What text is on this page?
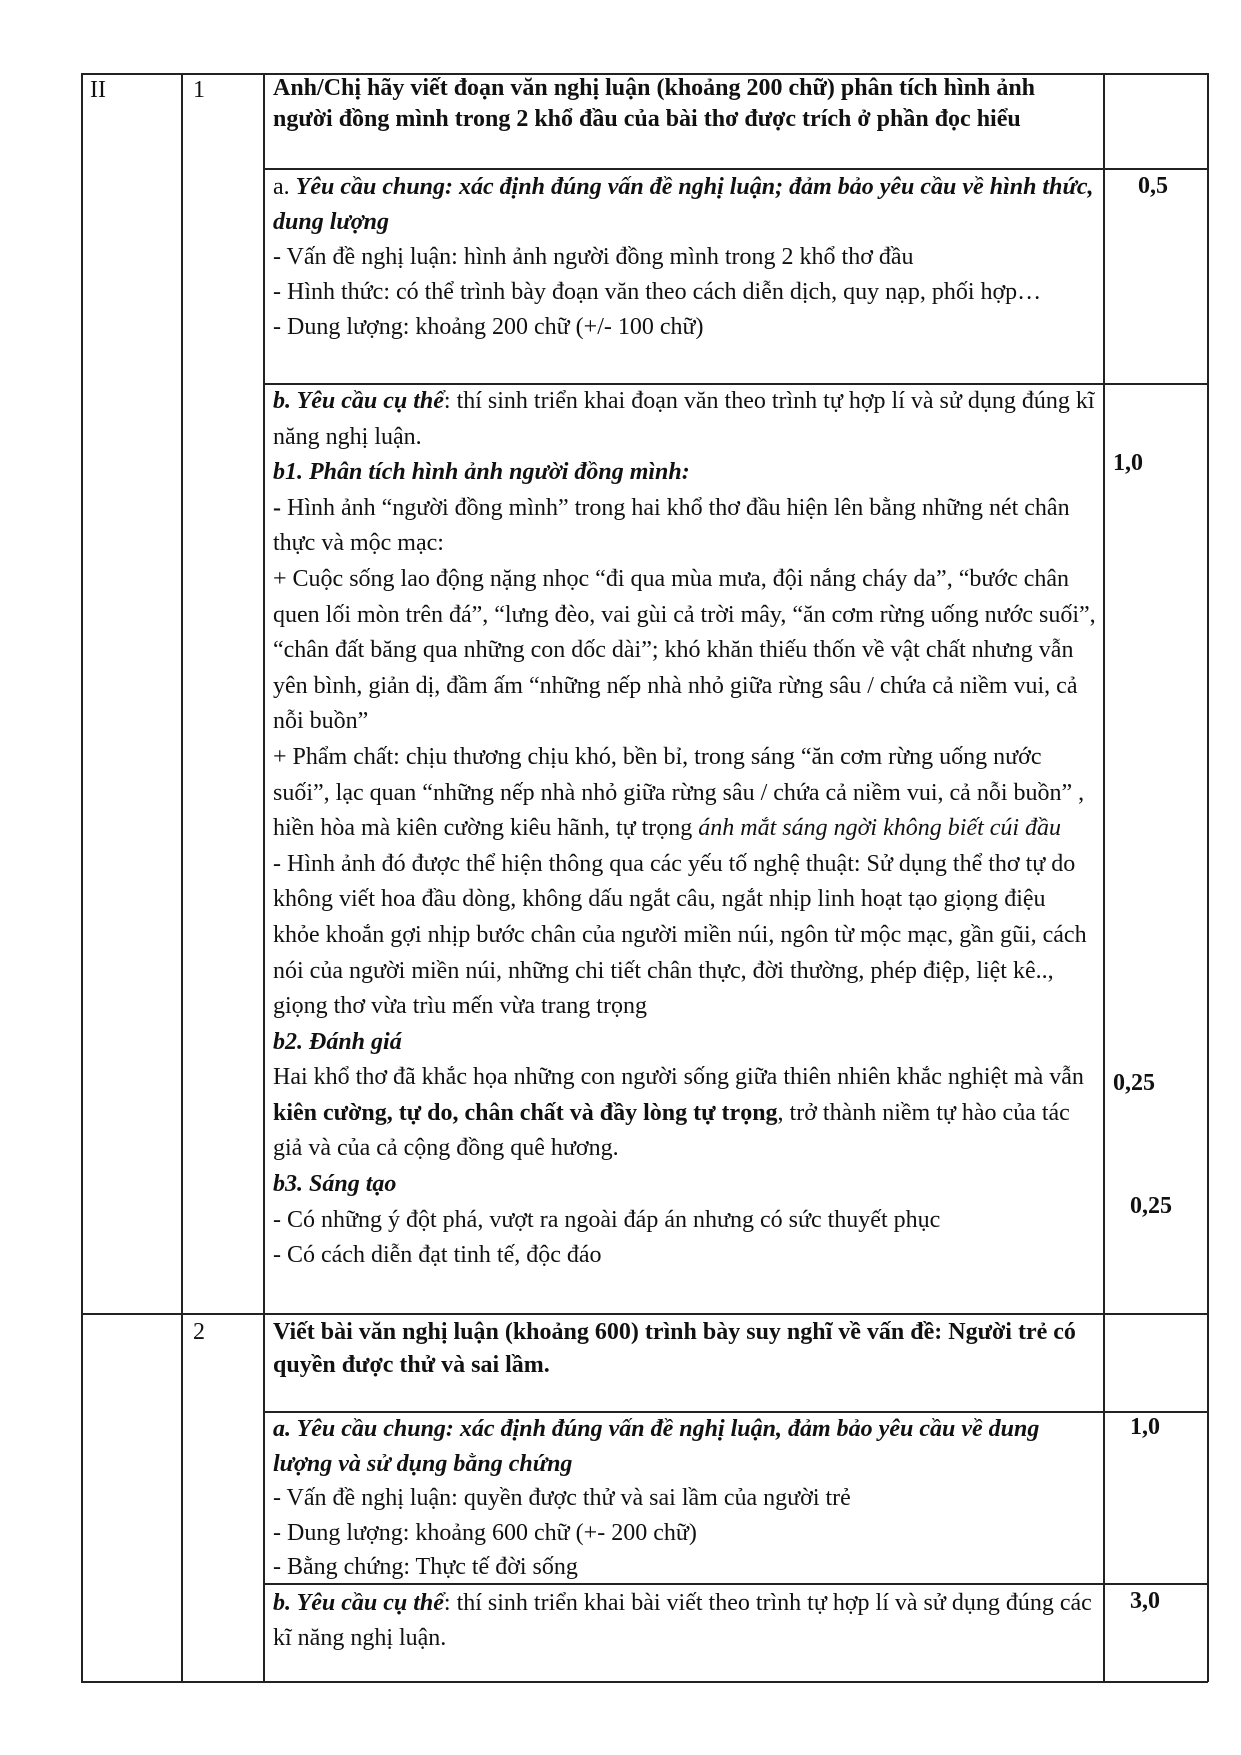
II	1
2
Anh/Chị hãy viết đoạn văn nghị luận (khoảng 200 chữ) phân tích hình ảnh người đồng mình trong 2 khổ đầu của bài thơ được trích ở phần đọc hiểu
a. Yêu cầu chung: xác định đúng vấn đề nghị luận; đảm bảo yêu cầu về hình thức, dung lượng
- Vấn đề nghị luận: hình ảnh người đồng mình trong 2 khổ thơ đầu
- Hình thức: có thể trình bày đoạn văn theo cách diễn dịch, quy nạp, phối hợp…
- Dung lượng: khoảng 200 chữ (+/- 100 chữ)
0,5
b. Yêu cầu cụ thể: thí sinh triển khai đoạn văn theo trình tự hợp lí và sử dụng đúng kĩ năng nghị luận.
b1. Phân tích hình ảnh người đồng mình:
- Hình ảnh “người đồng mình” trong hai khổ thơ đầu hiện lên bằng những nét chân thực và mộc mạc:
+ Cuộc sống lao động nặng nhọc “đi qua mùa mưa, đội nắng cháy da”, “bước chân quen lối mòn trên đá”, “lưng đèo, vai gùi cả trời mây, “ăn cơm rừng uống nước suối”, “chân đất băng qua những con dốc dài”; khó khăn thiếu thốn về vật chất nhưng vẫn yên bình, giản dị, đầm ấm “những nếp nhà nhỏ giữa rừng sâu / chứa cả niềm vui, cả nỗi buồn”
+ Phẩm chất: chịu thương chịu khó, bền bỉ, trong sáng “ăn cơm rừng uống nước suối”, lạc quan “những nếp nhà nhỏ giữa rừng sâu / chứa cả niềm vui, cả nỗi buồn” , hiền hòa mà kiên cường kiêu hãnh, tự trọng ánh mắt sáng ngời không biết cúi đầu
- Hình ảnh đó được thể hiện thông qua các yếu tố nghệ thuật: Sử dụng thể thơ tự do không viết hoa đầu dòng, không dấu ngắt câu, ngắt nhịp linh hoạt tạo giọng điệu khỏe khoắn gợi nhịp bước chân của người miền núi, ngôn từ mộc mạc, gần gũi, cách nói của người miền núi, những chi tiết chân thực, đời thường, phép điệp, liệt kê.., giọng thơ vừa trìu mến vừa trang trọng
b2. Đánh giá
Hai khổ thơ đã khắc họa những con người sống giữa thiên nhiên khắc nghiệt mà vẫn kiên cường, tự do, chân chất và đầy lòng tự trọng, trở thành niềm tự hào của tác giả và của cả cộng đồng quê hương.
b3. Sáng tạo
- Có những ý đột phá, vượt ra ngoài đáp án nhưng có sức thuyết phục
- Có cách diễn đạt tinh tế, độc đáo
1,0
0,25
0,25
Viết bài văn nghị luận (khoảng 600) trình bày suy nghĩ về vấn đề: Người trẻ có quyền được thử và sai lầm.
a. Yêu cầu chung: xác định đúng vấn đề nghị luận, đảm bảo yêu cầu về dung lượng và sử dụng bằng chứng
- Vấn đề nghị luận: quyền được thử và sai lầm của người trẻ
- Dung lượng: khoảng 600 chữ (+- 200 chữ)
- Bằng chứng: Thực tế đời sống
1,0
b. Yêu cầu cụ thể: thí sinh triển khai bài viết theo trình tự hợp lí và sử dụng đúng các kĩ năng nghị luận.
3,0
